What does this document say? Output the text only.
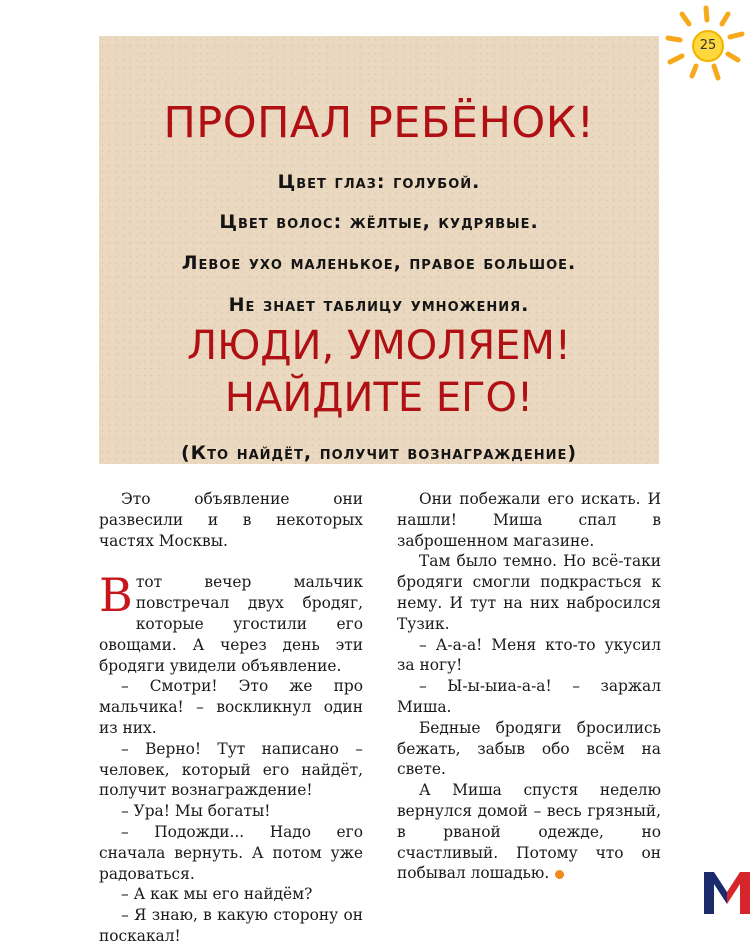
25
ПРОПАЛ РЕБЁНОК!
Цвет глаз: голубой.
Цвет волос: жёлтые, кудрявые.
Левое ухо маленькое, правое большое.
Не знает таблицу умножения.
ЛЮДИ, УМОЛЯЕМ!
НАЙДИТЕ ЕГО!
(Кто найдёт, получит вознаграждение)

Это объявление они развесили и в некоторых частях Москвы.

Втот вечер мальчик повстречал двух бродяг, которые угостили его овощами. А через день эти бродяги увидели объявление.

– Смотри! Это же про мальчика! – воскликнул один из них.

– Верно! Тут написано – человек, который его найдёт, получит вознаграждение!

– Ура! Мы богаты!

– Подожди... Надо его сначала вернуть. А потом уже радоваться.

– А как мы его найдём?

– Я знаю, в какую сторону он поскакал!

Они побежали его искать. И нашли! Миша спал в заброшенном магазине.

Там было темно. Но всё-таки бродяги смогли подкрасться к нему. И тут на них набросился Тузик.

– А-а-а! Меня кто-то укусил за ногу!

– Ы-ы-ыиа-а-а! – заржал Миша.

Бедные бродяги бросились бежать, забыв обо всём на свете.

А Миша спустя неделю вернулся домой – весь грязный, в рваной одежде, но счастливый. Потому что он побывал лошадью.
